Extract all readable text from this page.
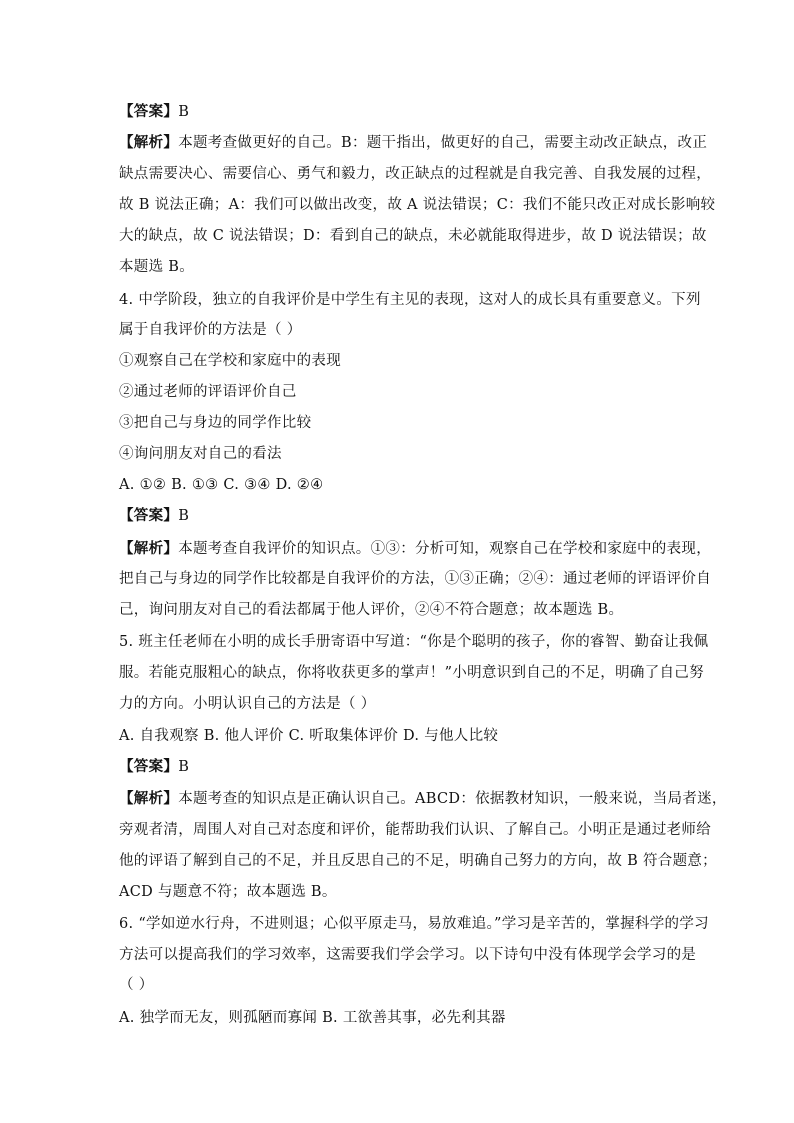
【答案】B
【解析】本题考查做更好的自己。B：题干指出，做更好的自己，需要主动改正缺点，改正
缺点需要决心、需要信心、勇气和毅力，改正缺点的过程就是自我完善、自我发展的过程，
故 B 说法正确；A：我们可以做出改变，故 A 说法错误；C：我们不能只改正对成长影响较
大的缺点，故 C 说法错误；D：看到自己的缺点，未必就能取得进步，故 D 说法错误；故
本题选 B。
4. 中学阶段，独立的自我评价是中学生有主见的表现，这对人的成长具有重要意义。下列
属于自我评价的方法是（ ）
①观察自己在学校和家庭中的表现
②通过老师的评语评价自己
③把自己与身边的同学作比较
④询问朋友对自己的看法
A. ①② B. ①③ C. ③④ D. ②④
【答案】B
【解析】本题考查自我评价的知识点。①③：分析可知，观察自己在学校和家庭中的表现，
把自己与身边的同学作比较都是自我评价的方法，①③正确；②④：通过老师的评语评价自
己，询问朋友对自己的看法都属于他人评价，②④不符合题意；故本题选 B。
5. 班主任老师在小明的成长手册寄语中写道：“你是个聪明的孩子，你的睿智、勤奋让我佩
服。若能克服粗心的缺点，你将收获更多的掌声！”小明意识到自己的不足，明确了自己努
力的方向。小明认识自己的方法是（ ）
A. 自我观察 B. 他人评价 C. 听取集体评价 D. 与他人比较
【答案】B
【解析】本题考查的知识点是正确认识自己。ABCD：依据教材知识，一般来说，当局者迷，
旁观者清，周围人对自己对态度和评价，能帮助我们认识、了解自己。小明正是通过老师给
他的评语了解到自己的不足，并且反思自己的不足，明确自己努力的方向，故 B 符合题意；
ACD 与题意不符；故本题选 B。
6. “学如逆水行舟，不进则退；心似平原走马，易放难追。”学习是辛苦的，掌握科学的学习
方法可以提高我们的学习效率，这需要我们学会学习。以下诗句中没有体现学会学习的是
（ ）
A. 独学而无友，则孤陋而寡闻 B. 工欲善其事，必先利其器
